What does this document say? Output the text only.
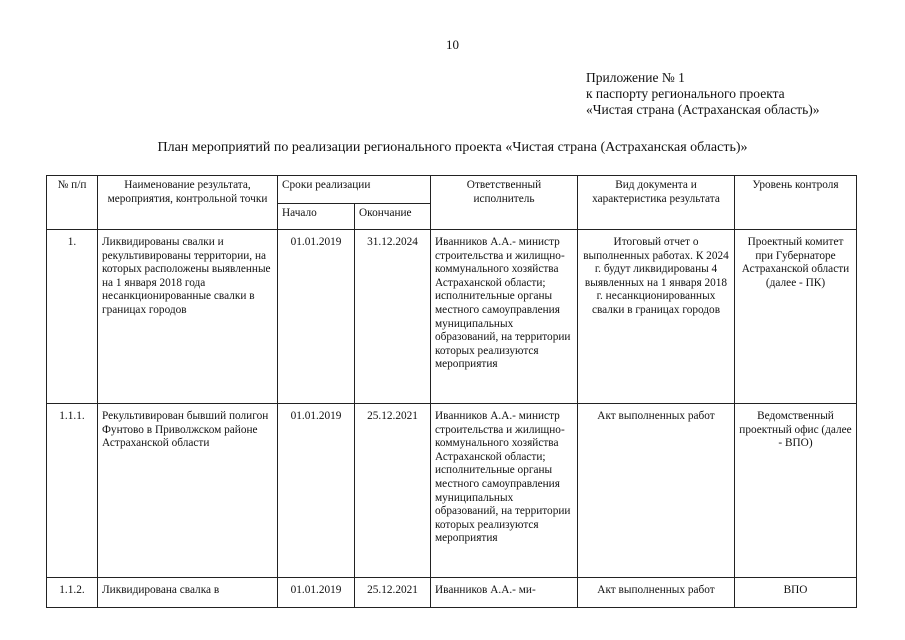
10
Приложение № 1
к паспорту регионального проекта
«Чистая страна (Астраханская область)»
План мероприятий по реализации регионального проекта «Чистая страна (Астраханская область)»
№ п/п	Наименование результата, мероприятия, контрольной точки	Сроки реализации		Ответственный исполнитель	Вид документа и характеристика результата	Уровень контроля
		Начало	Окончание			
1.	Ликвидированы свалки и рекультивированы территории, на которых расположены выявленные на 1 января 2018 года несанкционированные свалки в границах городов	01.01.2019	31.12.2024	Иванников А.А.- министр строительства и жилищно-коммунального хозяйства Астраханской области; исполнительные органы местного самоуправления муниципальных образований, на территории которых реализуются мероприятия	Итоговый отчет о выполненных работах. К 2024 г. будут ликвидированы 4 выявленных на 1 января 2018 г. несанкционированных свалки в границах городов	Проектный комитет при Губернаторе Астраханской области (далее - ПК)
1.1.1.	Рекультивирован бывший полигон Фунтово в Приволжском районе Астраханской области	01.01.2019	25.12.2021	Иванников А.А.- министр строительства и жилищно-коммунального хозяйства Астраханской области; исполнительные органы местного самоуправления муниципальных образований, на территории которых реализуются мероприятия	Акт выполненных работ	Ведомственный проектный офис (далее - ВПО)
1.1.2.	Ликвидирована свалка в	01.01.2019	25.12.2021	Иванников А.А.- ми-	Акт выполненных работ	ВПО
